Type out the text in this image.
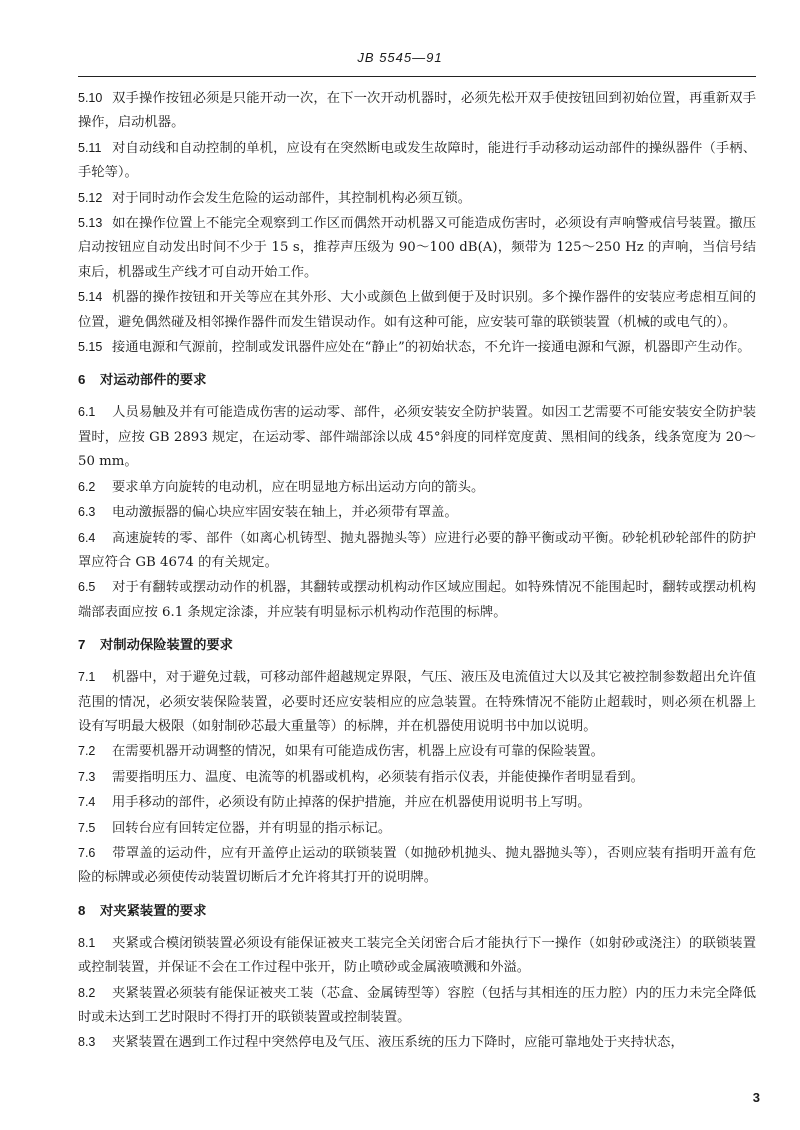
JB 5545—91
5.10 双手操作按钮必须是只能开动一次，在下一次开动机器时，必须先松开双手使按钮回到初始位置，再重新双手操作，启动机器。
5.11 对自动线和自动控制的单机，应设有在突然断电或发生故障时，能进行手动移动运动部件的操纵器件（手柄、手轮等）。
5.12 对于同时动作会发生危险的运动部件，其控制机构必须互锁。
5.13 如在操作位置上不能完全观察到工作区而偶然开动机器又可能造成伤害时，必须设有声响警戒信号装置。撤压启动按钮应自动发出时间不少于 15 s，推荐声压级为 90～100 dB(A)，频带为 125～250 Hz 的声响，当信号结束后，机器或生产线才可自动开始工作。
5.14 机器的操作按钮和开关等应在其外形、大小或颜色上做到便于及时识别。多个操作器件的安装应考虑相互间的位置，避免偶然碰及相邻操作器件而发生错误动作。如有这种可能，应安装可靠的联锁装置（机械的或电气的）。
5.15 接通电源和气源前，控制或发讯器件应处在“静止”的初始状态，不允许一接通电源和气源，机器即产生动作。
6 对运动部件的要求
6.1 人员易触及并有可能造成伤害的运动零、部件，必须安装安全防护装置。如因工艺需要不可能安装安全防护装置时，应按 GB 2893 规定，在运动零、部件端部涂以成 45°斜度的同样宽度黄、黑相间的线条，线条宽度为 20～50 mm。
6.2 要求单方向旋转的电动机，应在明显地方标出运动方向的箭头。
6.3 电动激振器的偏心块应牢固安装在轴上，并必须带有罩盖。
6.4 高速旋转的零、部件（如离心机铸型、抛丸器抛头等）应进行必要的静平衡或动平衡。砂轮机砂轮部件的防护罩应符合 GB 4674 的有关规定。
6.5 对于有翻转或摆动动作的机器，其翻转或摆动机构动作区域应围起。如特殊情况不能围起时，翻转或摆动机构端部表面应按 6.1 条规定涂漆，并应装有明显标示机构动作范围的标牌。
7 对制动保险装置的要求
7.1 机器中，对于避免过载，可移动部件超越规定界限，气压、液压及电流值过大以及其它被控制参数超出允许值范围的情况，必须安装保险装置，必要时还应安装相应的应急装置。在特殊情况不能防止超载时，则必须在机器上设有写明最大极限（如射制砂芯最大重量等）的标牌，并在机器使用说明书中加以说明。
7.2 在需要机器开动调整的情况，如果有可能造成伤害，机器上应设有可靠的保险装置。
7.3 需要指明压力、温度、电流等的机器或机构，必须装有指示仪表，并能使操作者明显看到。
7.4 用手移动的部件，必须设有防止掉落的保护措施，并应在机器使用说明书上写明。
7.5 回转台应有回转定位器，并有明显的指示标记。
7.6 带罩盖的运动件，应有开盖停止运动的联锁装置（如抛砂机抛头、抛丸器抛头等），否则应装有指明开盖有危险的标牌或必须使传动装置切断后才允许将其打开的说明牌。
8 对夹紧装置的要求
8.1 夹紧或合模闭锁装置必须设有能保证被夹工装完全关闭密合后才能执行下一操作（如射砂或浇注）的联锁装置或控制装置，并保证不会在工作过程中张开，防止喷砂或金属液喷溅和外溢。
8.2 夹紧装置必须装有能保证被夹工装（芯盒、金属铸型等）容腔（包括与其相连的压力腔）内的压力未完全降低时或未达到工艺时限时不得打开的联锁装置或控制装置。
8.3 夹紧装置在遇到工作过程中突然停电及气压、液压系统的压力下降时，应能可靠地处于夹持状态，
3
